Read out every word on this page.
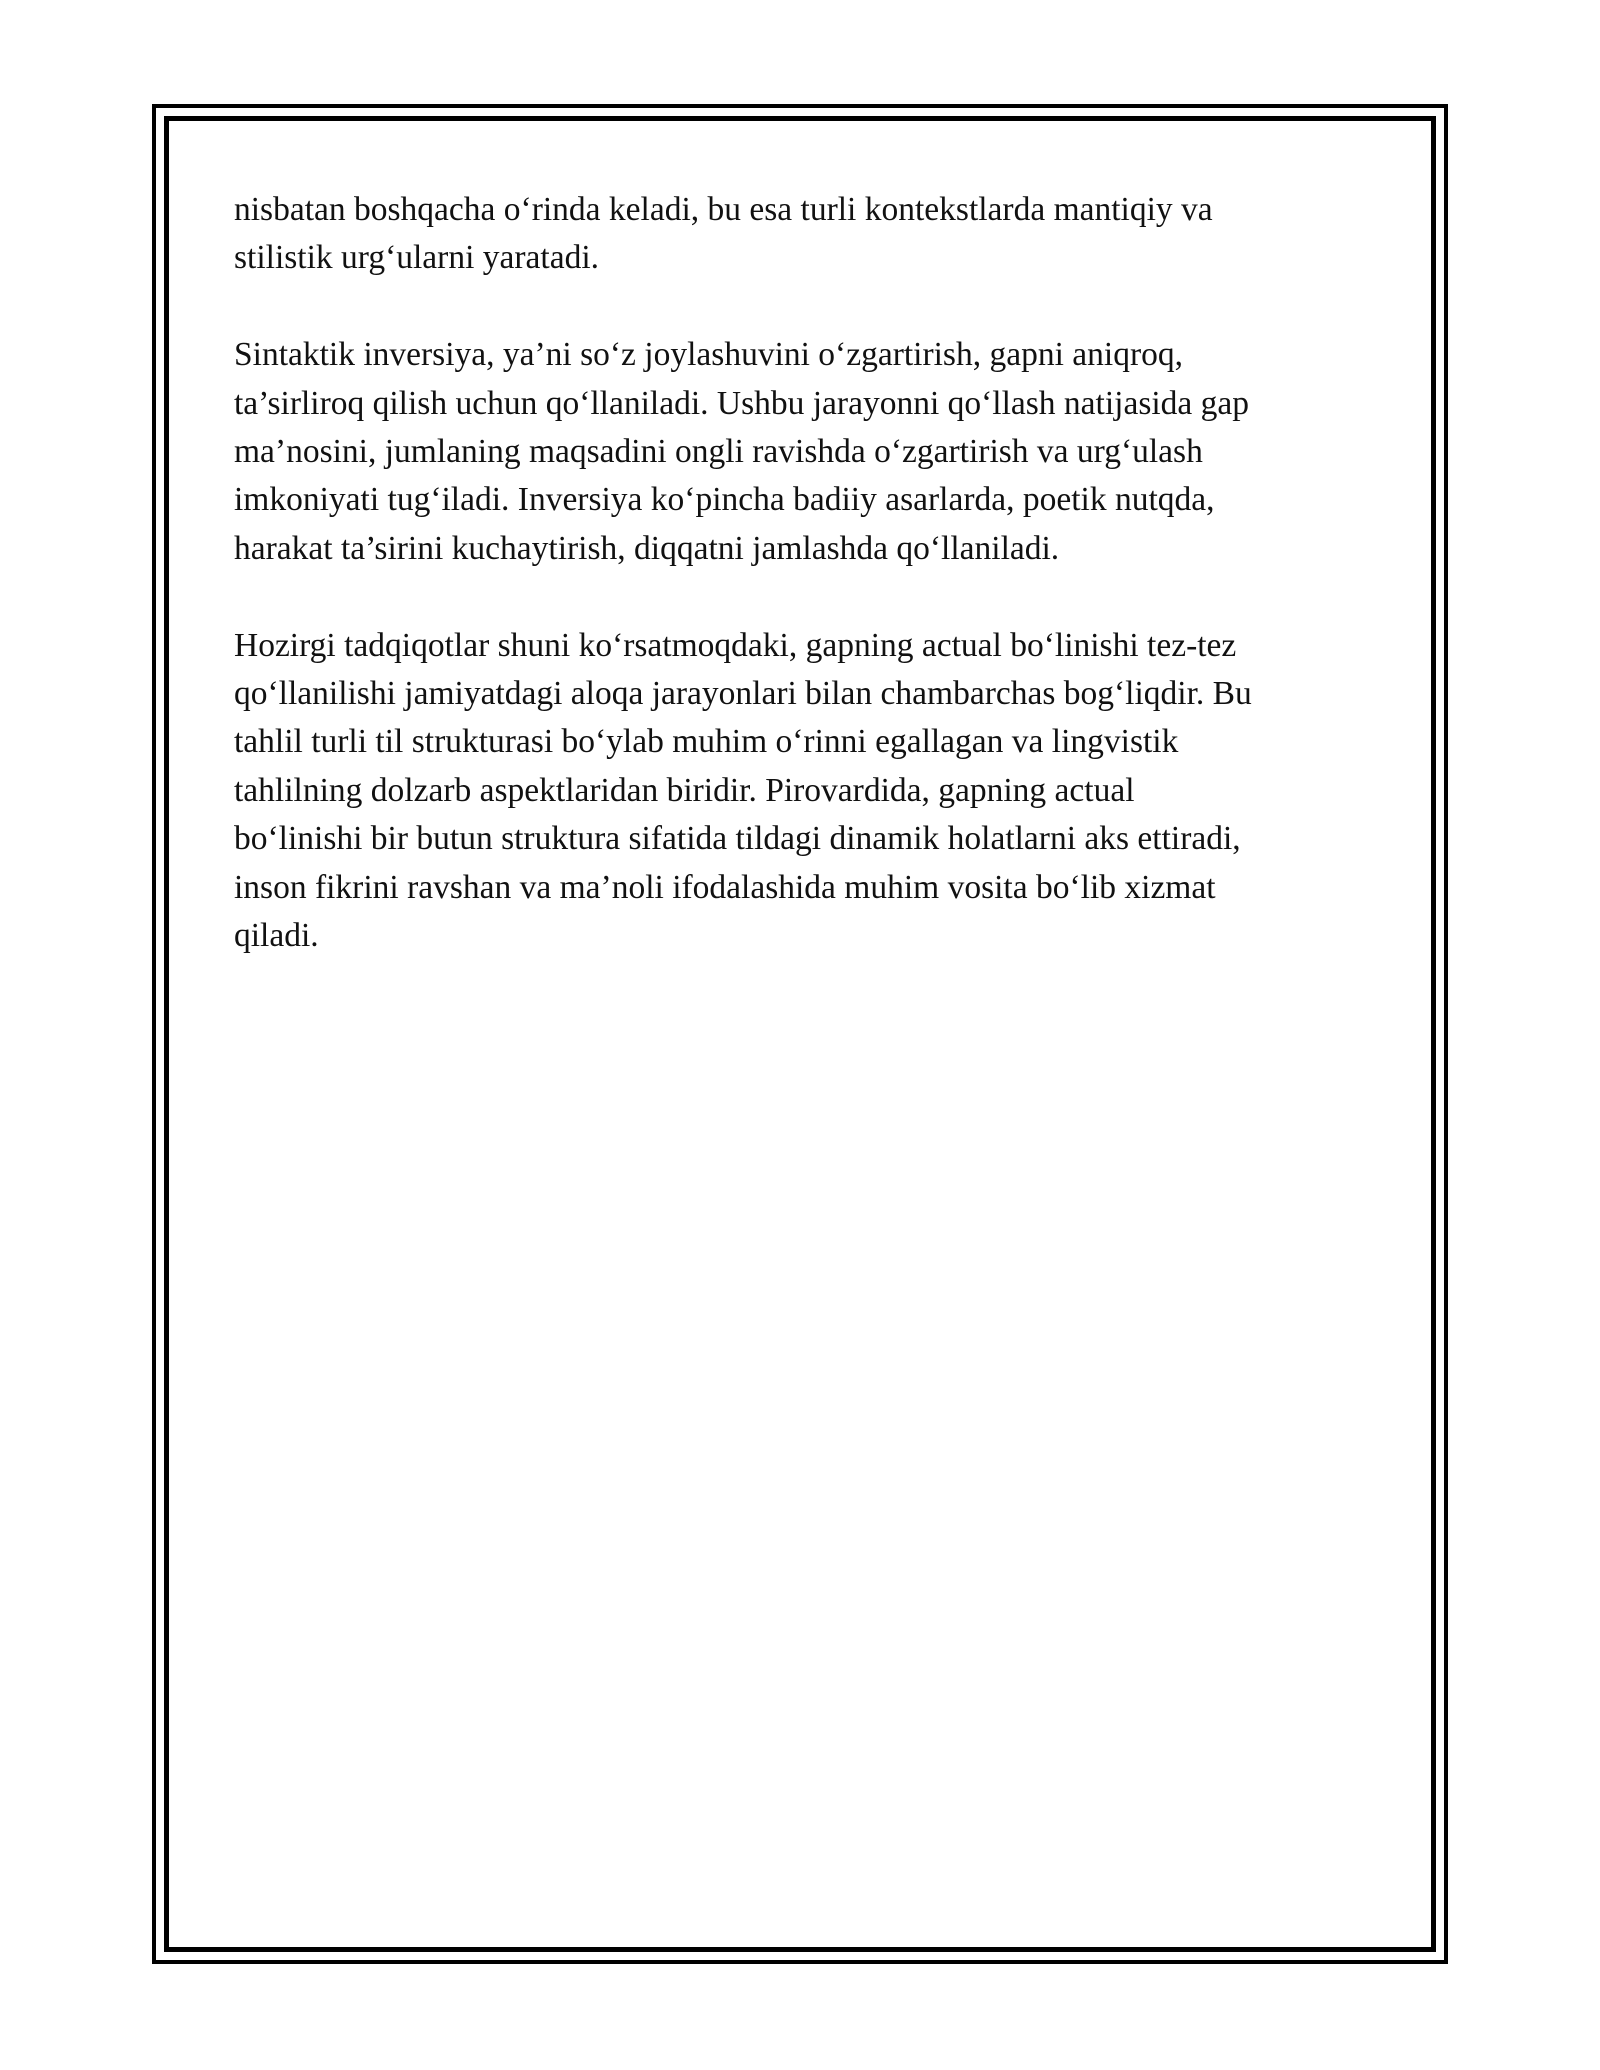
nisbatan boshqacha o‘rinda keladi, bu esa turli kontekstlarda mantiqiy va
stilistik urg‘ularni yaratadi.

Sintaktik inversiya, ya’ni so‘z joylashuvini o‘zgartirish, gapni aniqroq,
ta’sirliroq qilish uchun qo‘llaniladi. Ushbu jarayonni qo‘llash natijasida gap
ma’nosini, jumlaning maqsadini ongli ravishda o‘zgartirish va urg‘ulash
imkoniyati tug‘iladi. Inversiya ko‘pincha badiiy asarlarda, poetik nutqda,
harakat ta’sirini kuchaytirish, diqqatni jamlashda qo‘llaniladi.

Hozirgi tadqiqotlar shuni ko‘rsatmoqdaki, gapning actual bo‘linishi tez-tez
qo‘llanilishi jamiyatdagi aloqa jarayonlari bilan chambarchas bog‘liqdir. Bu
tahlil turli til strukturasi bo‘ylab muhim o‘rinni egallagan va lingvistik
tahlilning dolzarb aspektlaridan biridir. Pirovardida, gapning actual
bo‘linishi bir butun struktura sifatida tildagi dinamik holatlarni aks ettiradi,
inson fikrini ravshan va ma’noli ifodalashida muhim vosita bo‘lib xizmat
qiladi.
